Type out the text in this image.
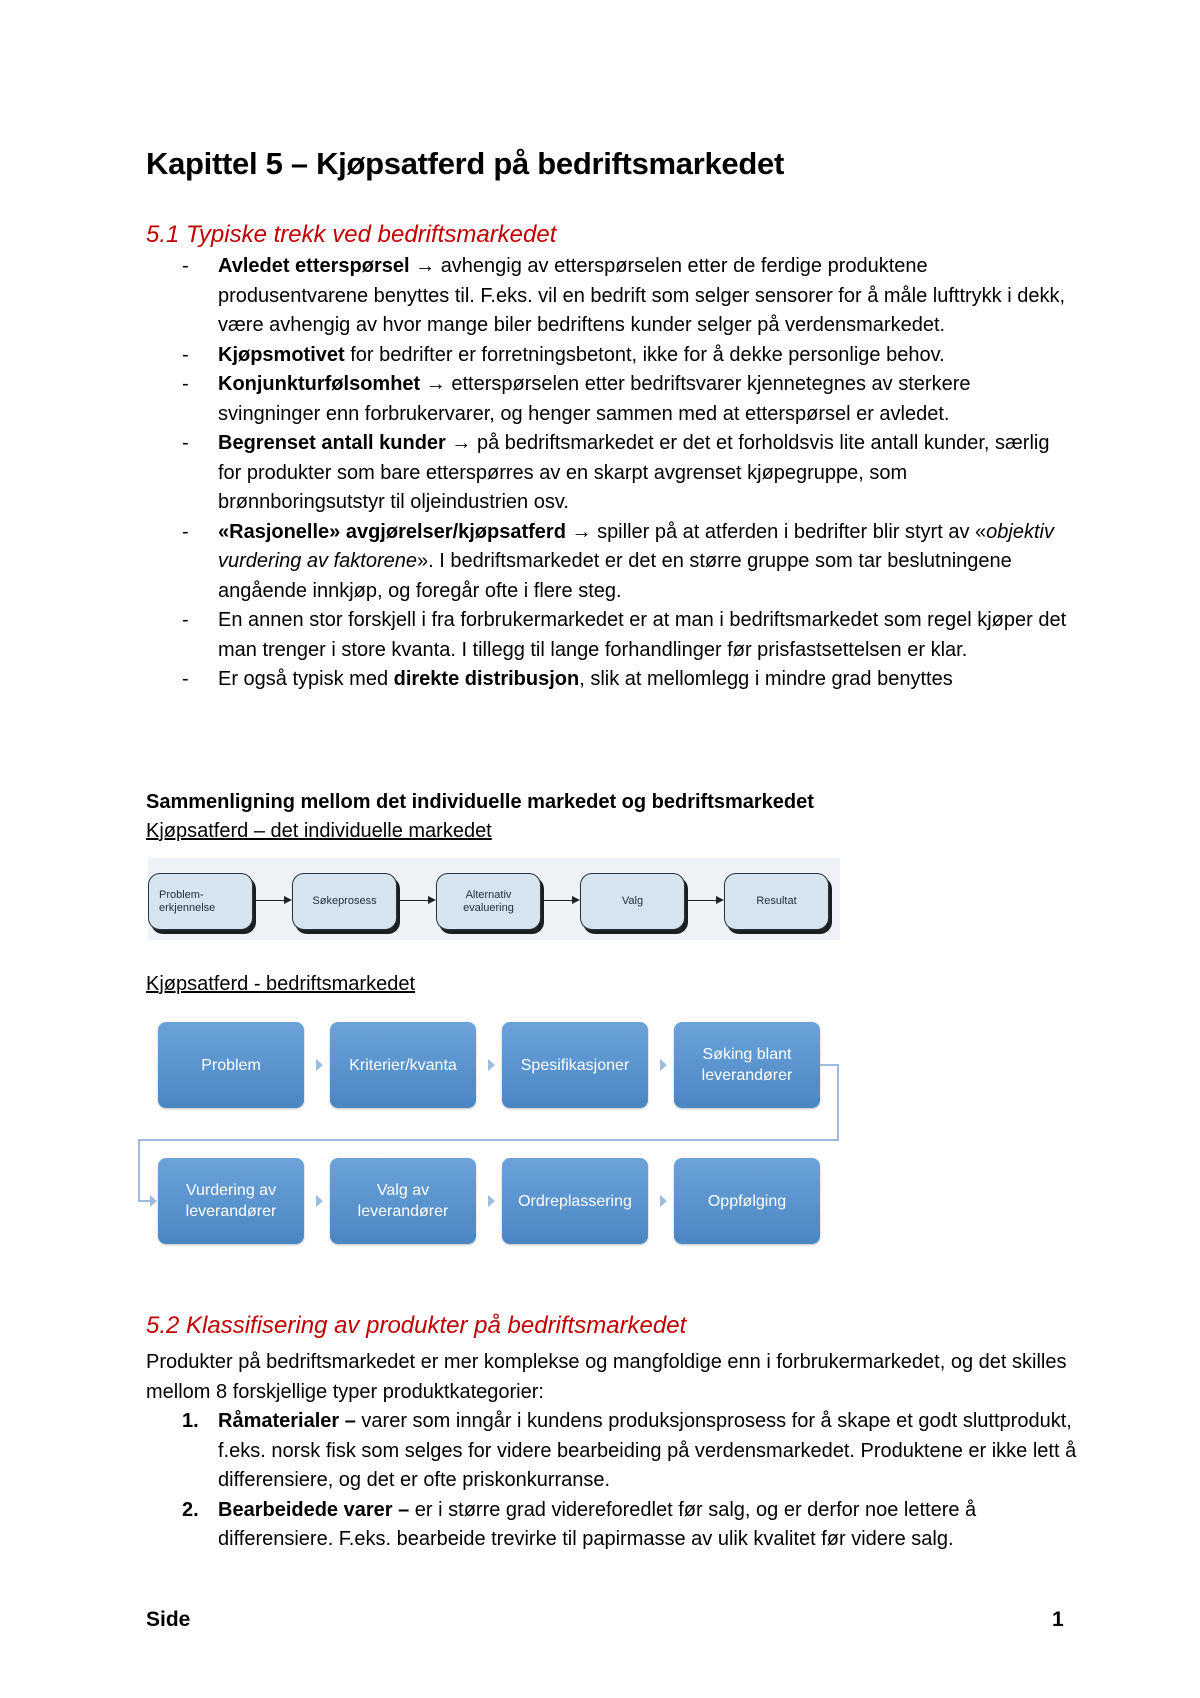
Kapittel 5 – Kjøpsatferd på bedriftsmarkedet
5.1 Typiske trekk ved bedriftsmarkedet
- Avledet etterspørsel → avhengig av etterspørselen etter de ferdige produktene produsentvarene benyttes til. F.eks. vil en bedrift som selger sensorer for å måle lufttrykk i dekk, være avhengig av hvor mange biler bedriftens kunder selger på verdensmarkedet.
- Kjøpsmotivet for bedrifter er forretningsbetont, ikke for å dekke personlige behov.
- Konjunkturfølsomhet → etterspørselen etter bedriftsvarer kjennetegnes av sterkere svingninger enn forbrukervarer, og henger sammen med at etterspørsel er avledet.
- Begrenset antall kunder → på bedriftsmarkedet er det et forholdsvis lite antall kunder, særlig for produkter som bare etterspørres av en skarpt avgrenset kjøpegruppe, som brønnboringsutstyr til oljeindustrien osv.
- «Rasjonelle» avgjørelser/kjøpsatferd → spiller på at atferden i bedrifter blir styrt av «objektiv vurdering av faktorene». I bedriftsmarkedet er det en større gruppe som tar beslutningene angående innkjøp, og foregår ofte i flere steg.
- En annen stor forskjell i fra forbrukermarkedet er at man i bedriftsmarkedet som regel kjøper det man trenger i store kvanta. I tillegg til lange forhandlinger før prisfastsettelsen er klar.
- Er også typisk med direkte distribusjon, slik at mellomlegg i mindre grad benyttes

Sammenligning mellom det individuelle markedet og bedriftsmarkedet

Kjøpsatferd – det individuelle markedet

Problem-
erkjennelse
Søkeprosess
Alternativ
evaluering
Valg	Resultat

Kjøpsatferd - bedriftsmarkedet

Problem	Kriterier/kvanta	Spesifikasjoner
Søking blant leverandører
Vurdering av leverandører
Valg av leverandører
Ordreplassering	Oppfølging
5.2 Klassifisering av produkter på bedriftsmarkedet

Produkter på bedriftsmarkedet er mer komplekse og mangfoldige enn i forbrukermarkedet, og det skilles mellom 8 forskjellige typer produktkategorier:

1. Råmaterialer – varer som inngår i kundens produksjonsprosess for å skape et godt sluttprodukt, f.eks. norsk fisk som selges for videre bearbeiding på verdensmarkedet. Produktene er ikke lett å differensiere, og det er ofte priskonkurranse.
2. Bearbeidede varer – er i større grad videreforedlet før salg, og er derfor noe lettere å differensiere. F.eks. bearbeide trevirke til papirmasse av ulik kvalitet før videre salg.
Side	1
